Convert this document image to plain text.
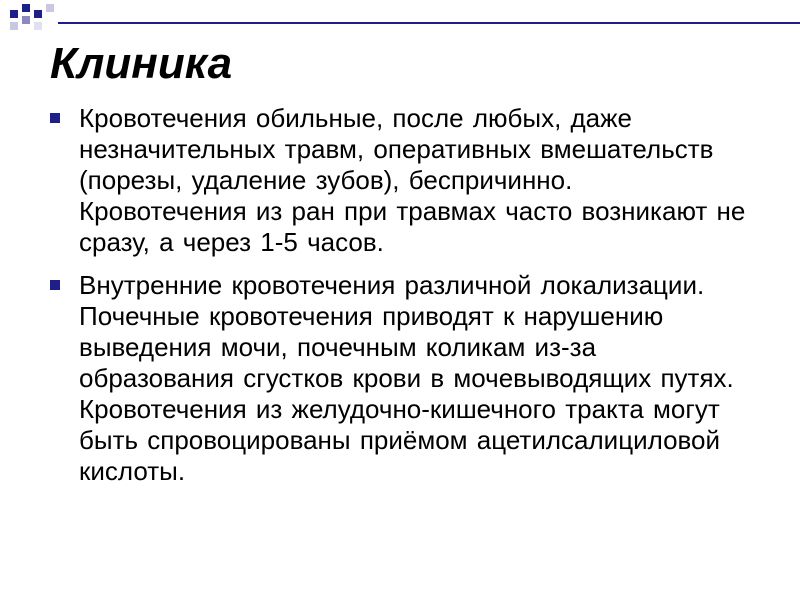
Клиника
Кровотечения обильные, после любых, даже незначительных травм, оперативных вмешательств (порезы, удаление зубов), беспричинно. Кровотечения из ран при травмах часто возникают не сразу, а через 1-5 часов.
Внутренние кровотечения различной локализации. Почечные кровотечения приводят к нарушению выведения мочи, почечным коликам из-за образования сгустков крови в мочевыводящих путях. Кровотечения из желудочно-кишечного тракта могут быть спровоцированы приёмом ацетилсалициловой кислоты.
